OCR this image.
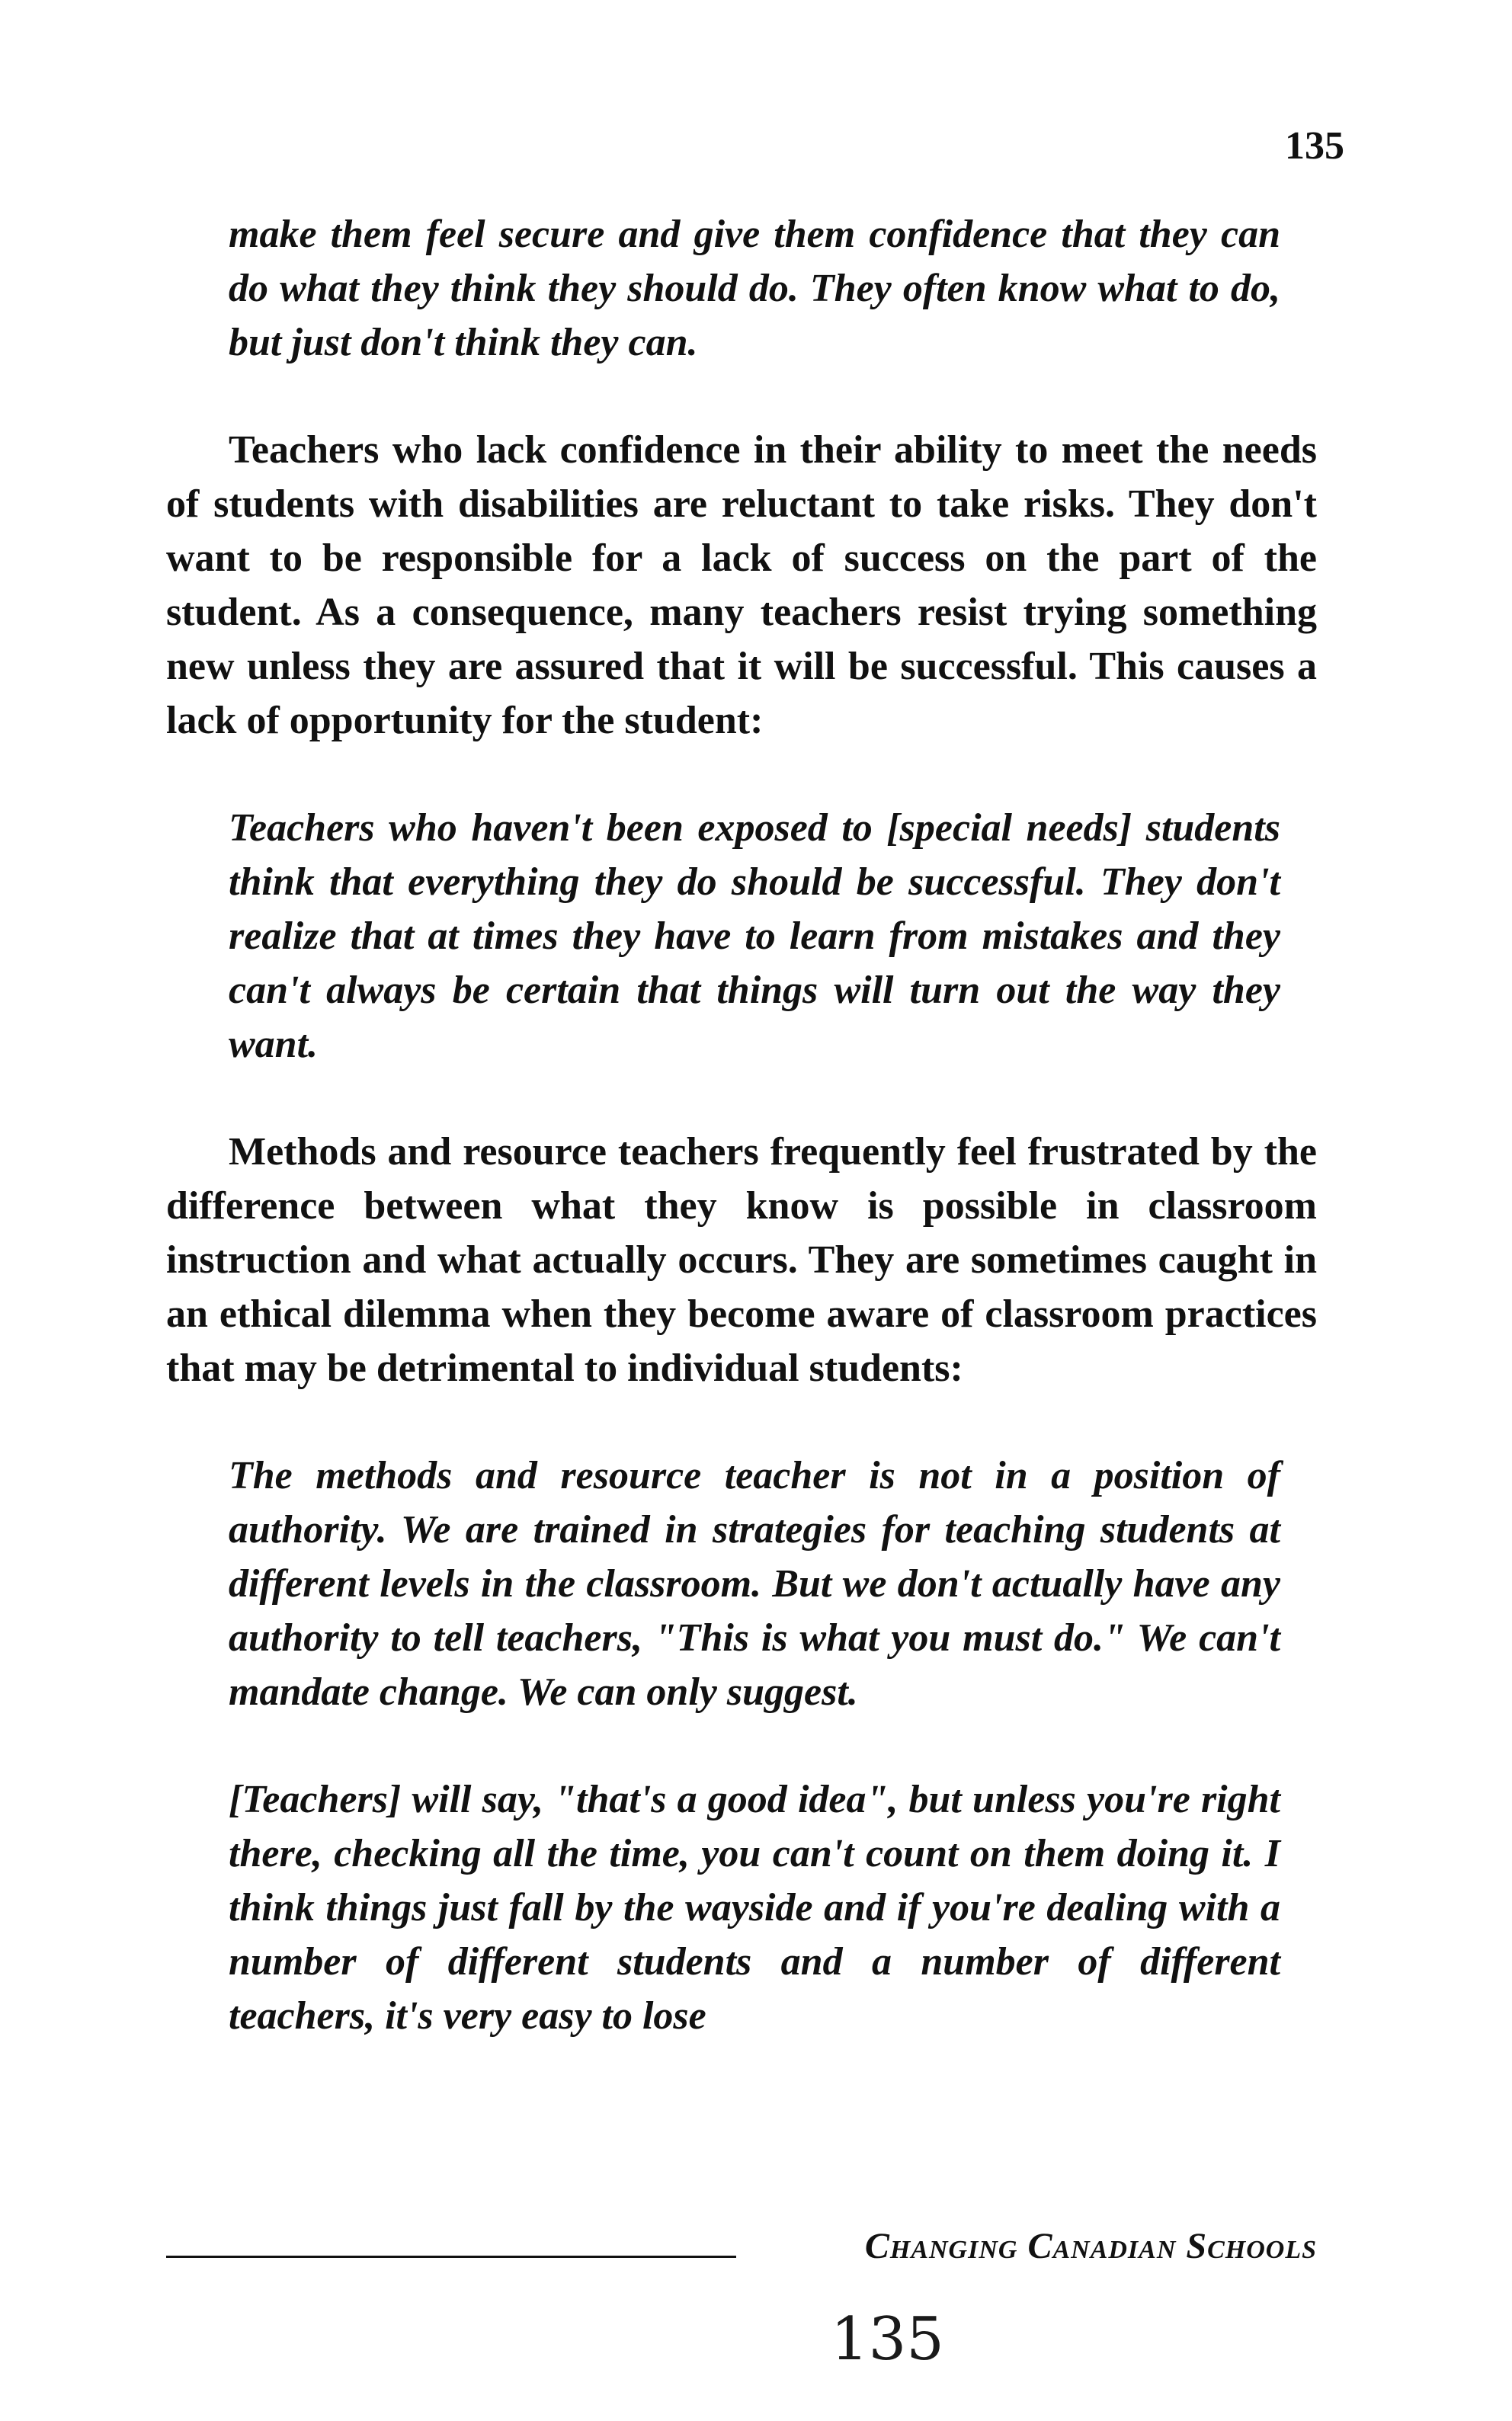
135

make them feel secure and give them confidence that they can do what they think they should do. They often know what to do, but just don't think they can.

Teachers who lack confidence in their ability to meet the needs of students with disabilities are reluctant to take risks. They don't want to be responsible for a lack of success on the part of the student. As a consequence, many teachers resist trying something new unless they are assured that it will be successful. This causes a lack of opportunity for the student:

Teachers who haven't been exposed to [special needs] students think that everything they do should be successful. They don't realize that at times they have to learn from mistakes and they can't always be certain that things will turn out the way they want.

Methods and resource teachers frequently feel frustrated by the difference between what they know is possible in classroom instruction and what actually occurs. They are sometimes caught in an ethical dilemma when they become aware of classroom practices that may be detrimental to individual students:

The methods and resource teacher is not in a position of authority. We are trained in strategies for teaching students at different levels in the classroom. But we don't actually have any authority to tell teachers, "This is what you must do." We can't mandate change. We can only suggest.

[Teachers] will say, "that's a good idea", but unless you're right there, checking all the time, you can't count on them doing it. I think things just fall by the wayside and if you're dealing with a number of different students and a number of different teachers, it's very easy to lose

Changing Canadian Schools
135
